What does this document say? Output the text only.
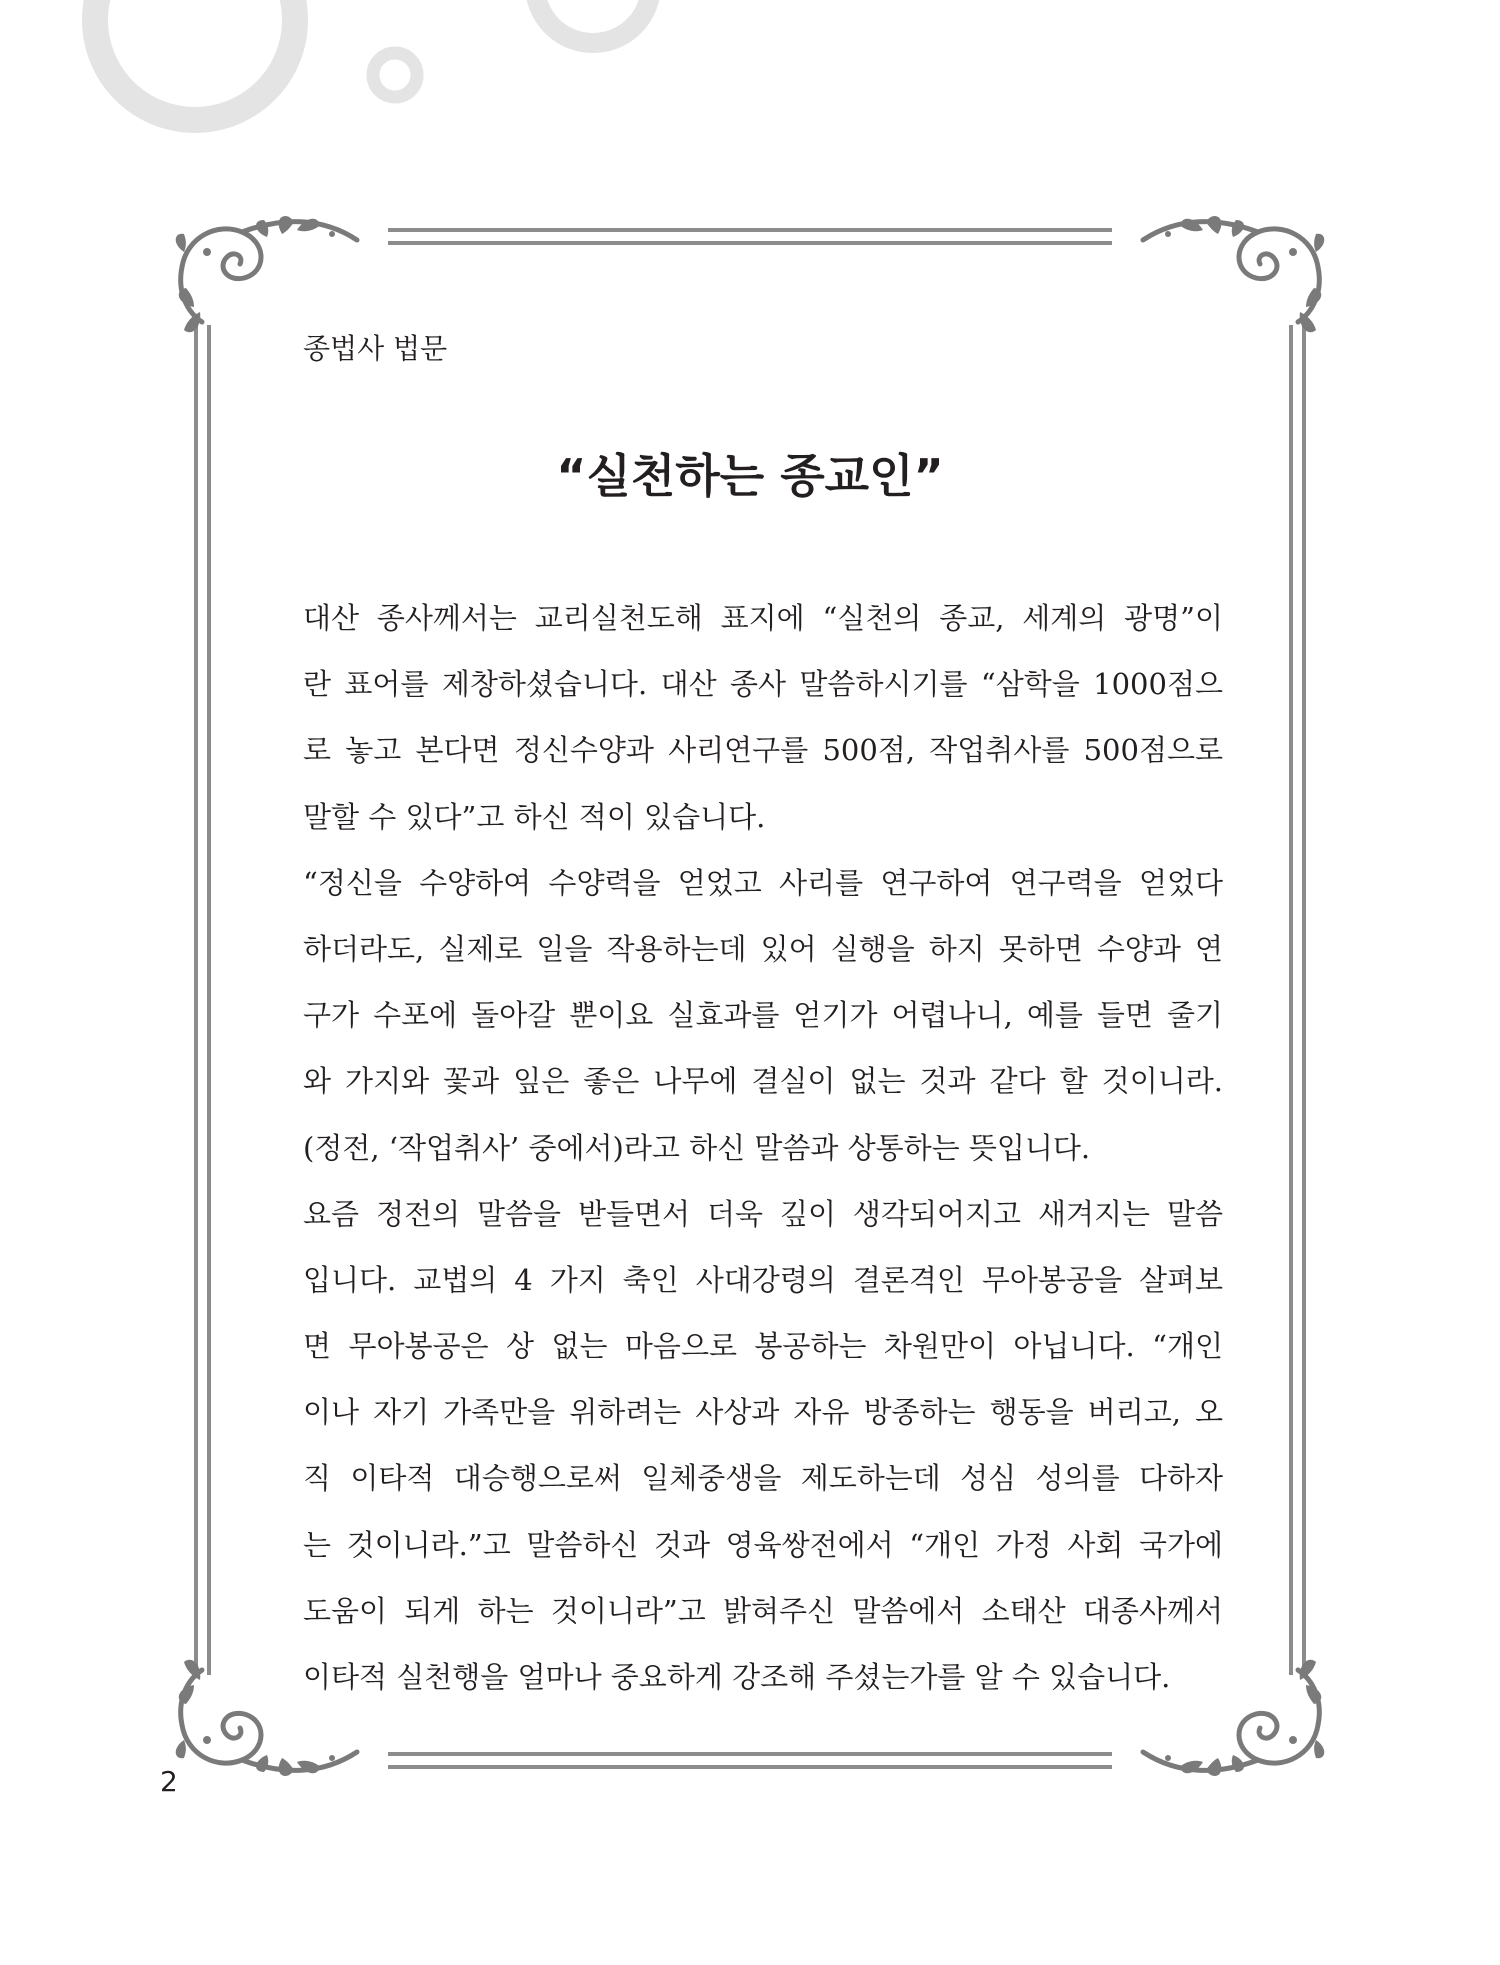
종법사 법문
“실천하는 종교인”
대산 종사께서는 교리실천도해 표지에 “실천의 종교, 세계의 광명”이
란 표어를 제창하셨습니다. 대산 종사 말씀하시기를 “삼학을 1000점으
로 놓고 본다면 정신수양과 사리연구를 500점, 작업취사를 500점으로
말할 수 있다”고 하신 적이 있습니다.
“정신을 수양하여 수양력을 얻었고 사리를 연구하여 연구력을 얻었다
하더라도, 실제로 일을 작용하는데 있어 실행을 하지 못하면 수양과 연
구가 수포에 돌아갈 뿐이요 실효과를 얻기가 어렵나니, 예를 들면 줄기
와 가지와 꽃과 잎은 좋은 나무에 결실이 없는 것과 같다 할 것이니라.
(정전, ‘작업취사’ 중에서)라고 하신 말씀과 상통하는 뜻입니다.
요즘 정전의 말씀을 받들면서 더욱 깊이 생각되어지고 새겨지는 말씀
입니다. 교법의 4 가지 축인 사대강령의 결론격인 무아봉공을 살펴보
면 무아봉공은 상 없는 마음으로 봉공하는 차원만이 아닙니다. “개인
이나 자기 가족만을 위하려는 사상과 자유 방종하는 행동을 버리고, 오
직 이타적 대승행으로써 일체중생을 제도하는데 성심 성의를 다하자
는 것이니라.”고 말씀하신 것과 영육쌍전에서 “개인 가정 사회 국가에
도움이 되게 하는 것이니라”고 밝혀주신 말씀에서 소태산 대종사께서
이타적 실천행을 얼마나 중요하게 강조해 주셨는가를 알 수 있습니다.
2
